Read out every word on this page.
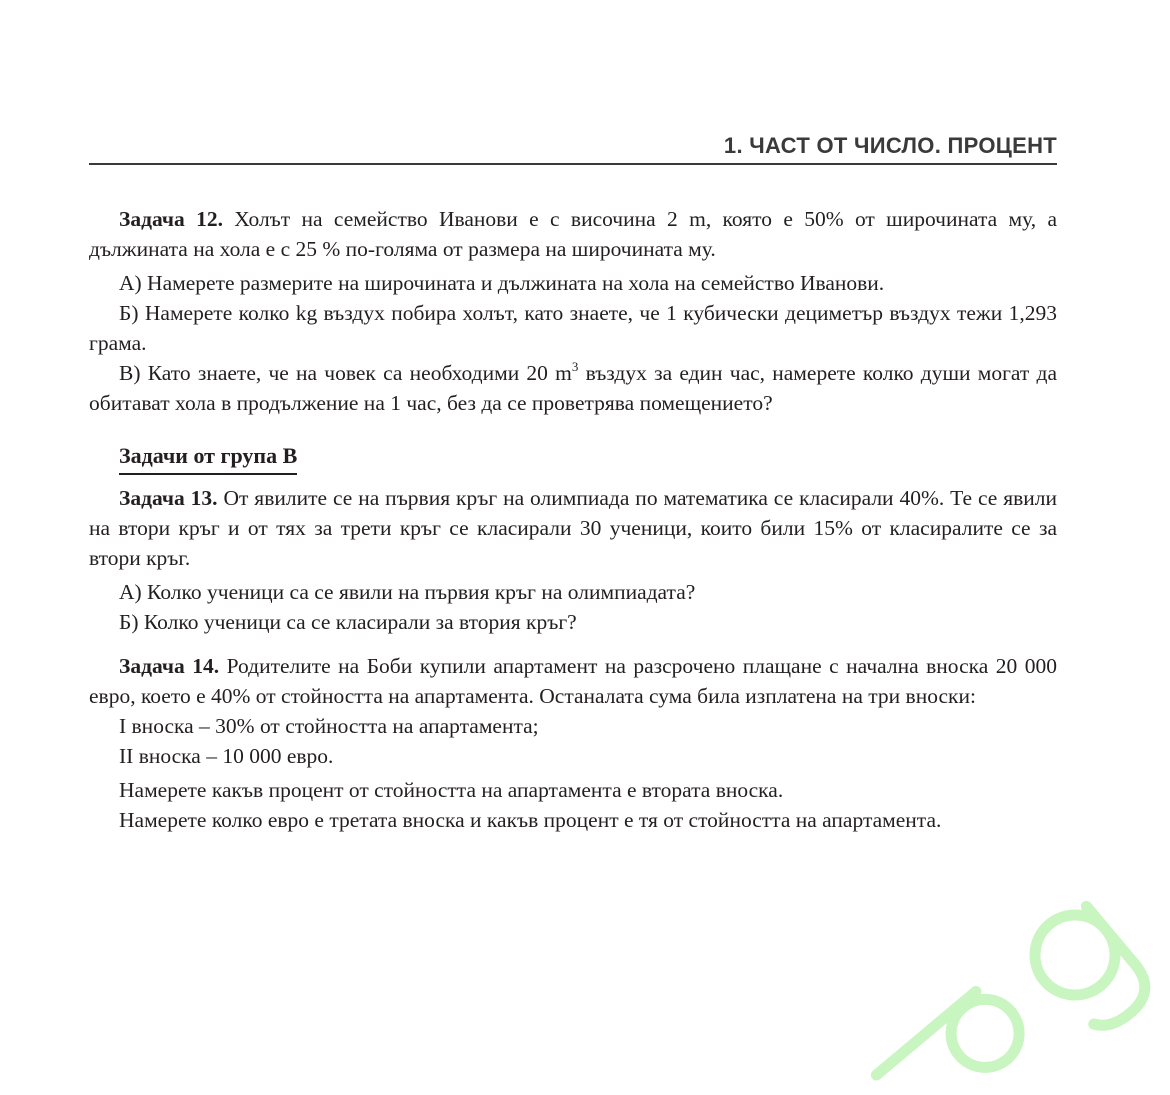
1. ЧАСТ ОТ ЧИСЛО. ПРОЦЕНТ

Задача 12. Холът на семейство Иванови е с височина 2 m, която е 50% от широчината му, а дължината на хола е с 25 % по-голяма от размера на широчината му.

А) Намерете размерите на широчината и дължината на хола на семейство Иванови.

Б) Намерете колко kg въздух побира холът, като знаете, че 1 кубически дециметър въздух тежи 1,293 грама.

В) Като знаете, че на човек са необходими 20 $m^3$ въздух за един час, намерете колко души могат да обитават хола в продължение на 1 час, без да се проветрява помещението?

Задачи от група В

Задача 13. От явилите се на първия кръг на олимпиада по математика се класирали 40%. Те се явили на втори кръг и от тях за трети кръг се класирали 30 ученици, които били 15% от класиралите се за втори кръг.

А) Колко ученици са се явили на първия кръг на олимпиадата?

Б) Колко ученици са се класирали за втория кръг?

Задача 14. Родителите на Боби купили апартамент на разсрочено плащане с начална вноска 20 000 евро, което е 40% от стойността на апартамента. Останалата сума била изплатена на три вноски:

I вноска – 30% от стойността на апартамента;

II вноска – 10 000 евро.

Намерете какъв процент от стойността на апартамента е втората вноска.

Намерете колко евро е третата вноска и какъв процент е тя от стойността на апартамента.
